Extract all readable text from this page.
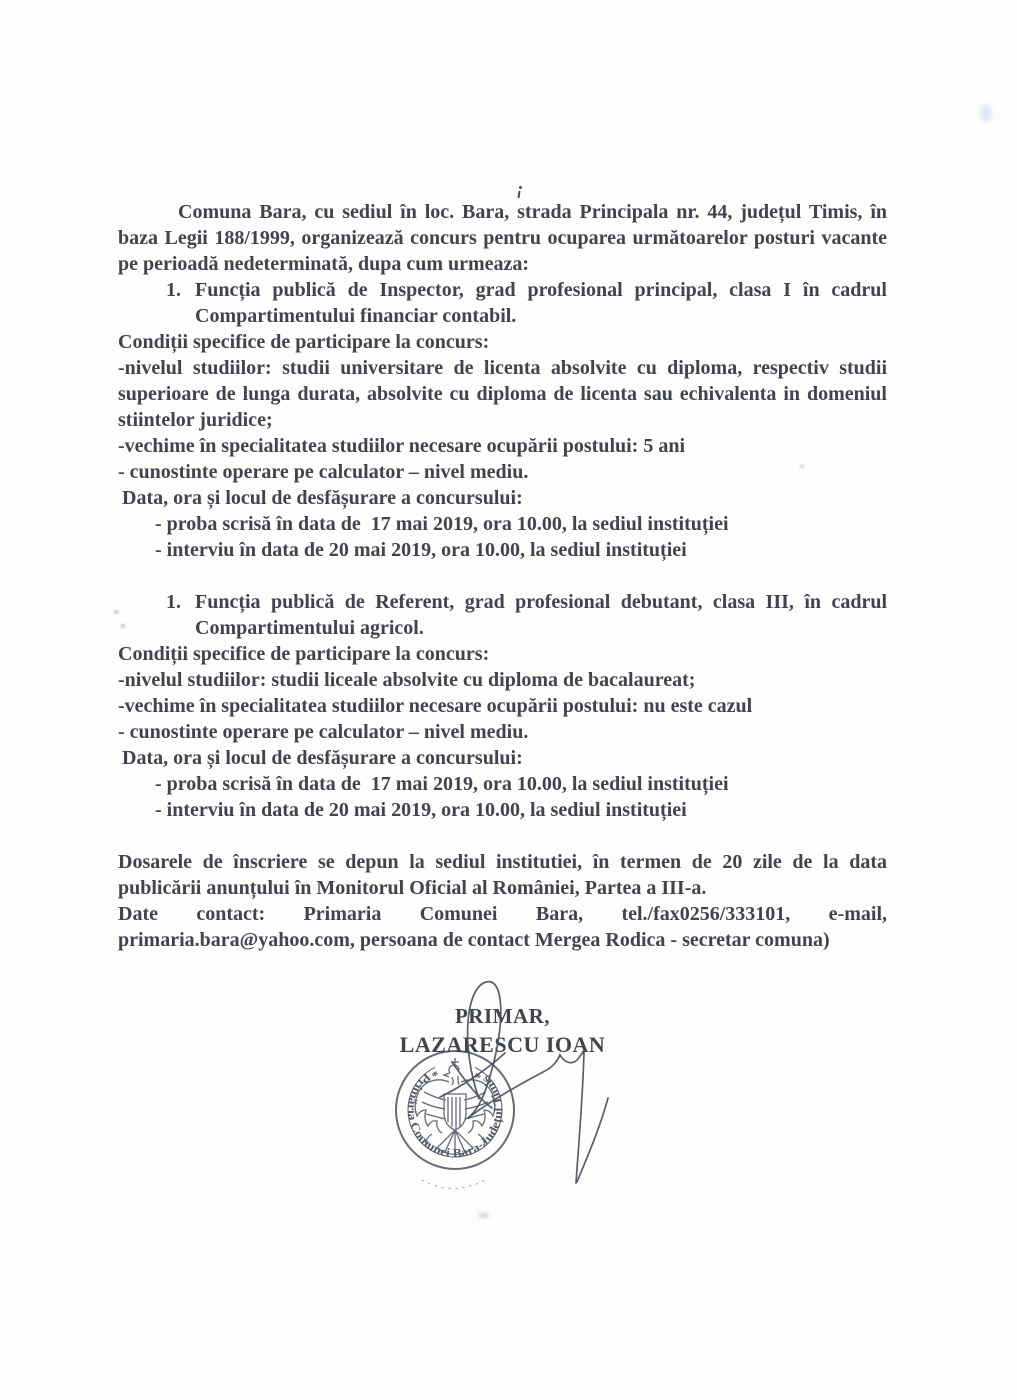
Comuna Bara, cu sediul în loc. Bara, strada Principala nr. 44, județul Timis, în baza Legii 188/1999, organizează concurs pentru ocuparea următoarelor posturi vacante pe perioadă nedeterminată, dupa cum urmeaza:
1. Funcția publică de Inspector, grad profesional principal, clasa I în cadrul Compartimentului financiar contabil.
Condiții specifice de participare la concurs:
-nivelul studiilor: studii universitare de licenta absolvite cu diploma, respectiv studii superioare de lunga durata, absolvite cu diploma de licenta sau echivalenta in domeniul stiintelor juridice;
-vechime în specialitatea studiilor necesare ocupării postului: 5 ani
- cunostinte operare pe calculator – nivel mediu.
Data, ora și locul de desfășurare a concursului:
- proba scrisă în data de  17 mai 2019, ora 10.00, la sediul instituției
- interviu în data de 20 mai 2019, ora 10.00, la sediul instituției
1. Funcția publică de Referent, grad profesional debutant, clasa III, în cadrul Compartimentului agricol.
Condiții specifice de participare la concurs:
-nivelul studiilor: studii liceale absolvite cu diploma de bacalaureat;
-vechime în specialitatea studiilor necesare ocupării postului: nu este cazul
- cunostinte operare pe calculator – nivel mediu.
Data, ora și locul de desfășurare a concursului:
- proba scrisă în data de  17 mai 2019, ora 10.00, la sediul instituției
- interviu în data de 20 mai 2019, ora 10.00, la sediul instituției
Dosarele de înscriere se depun la sediul institutiei, în termen de 20 zile de la data publicării anunțului în Monitorul Oficial al României, Partea a III-a.
Date contact: Primaria Comunei Bara, tel./fax0256/333101, e-mail, primaria.bara@yahoo.com, persoana de contact Mergea Rodica - secretar comuna)
PRIMAR,
LAZARESCU IOAN
* Primăria Comunei Bara-Județul Timiș *
